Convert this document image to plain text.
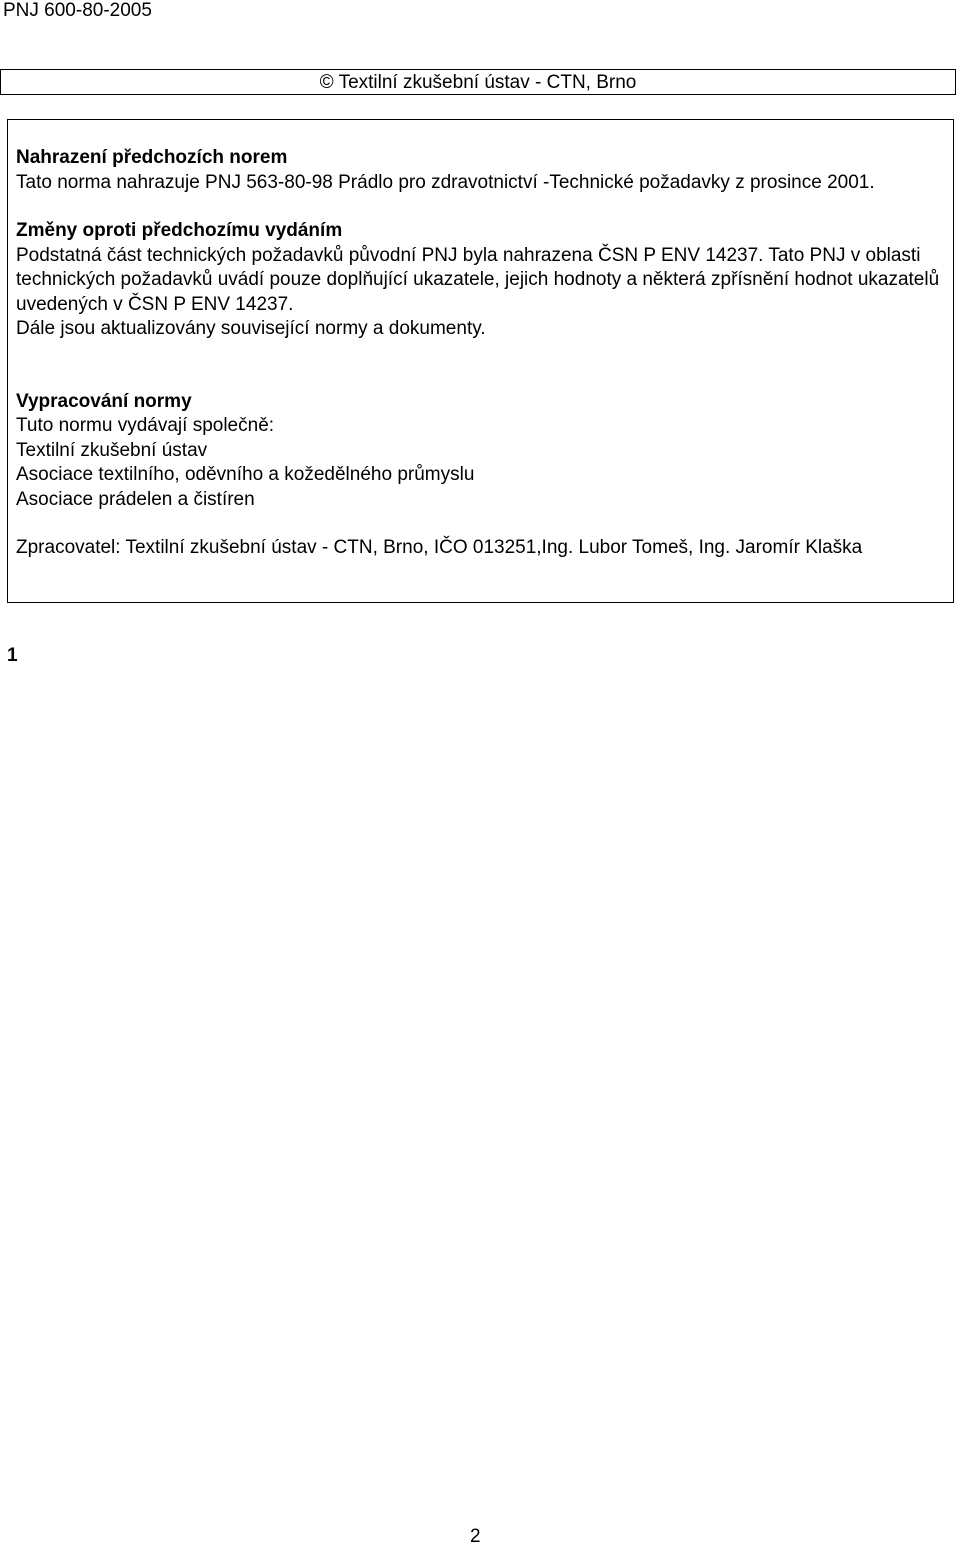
PNJ 600-80-2005
© Textilní zkušební ústav - CTN, Brno

Nahrazení předchozích norem

Tato norma nahrazuje PNJ 563-80-98 Prádlo pro zdravotnictví -Technické požadavky z prosince 2001.

Změny oproti předchozímu vydáním

Podstatná část technických požadavků původní PNJ byla nahrazena ČSN P ENV 14237. Tato PNJ v oblasti technických požadavků uvádí pouze doplňující ukazatele, jejich hodnoty a některá zpřísnění hodnot ukazatelů uvedených v ČSN P ENV 14237.

Dále jsou aktualizovány související normy a dokumenty.

Vypracování normy

Tuto normu vydávají společně:

Textilní zkušební ústav

Asociace textilního, oděvního a kožedělného průmyslu

Asociace prádelen a čistíren

Zpracovatel: Textilní zkušební ústav - CTN, Brno, IČO 013251,Ing. Lubor Tomeš, Ing. Jaromír Klaška

1
2
